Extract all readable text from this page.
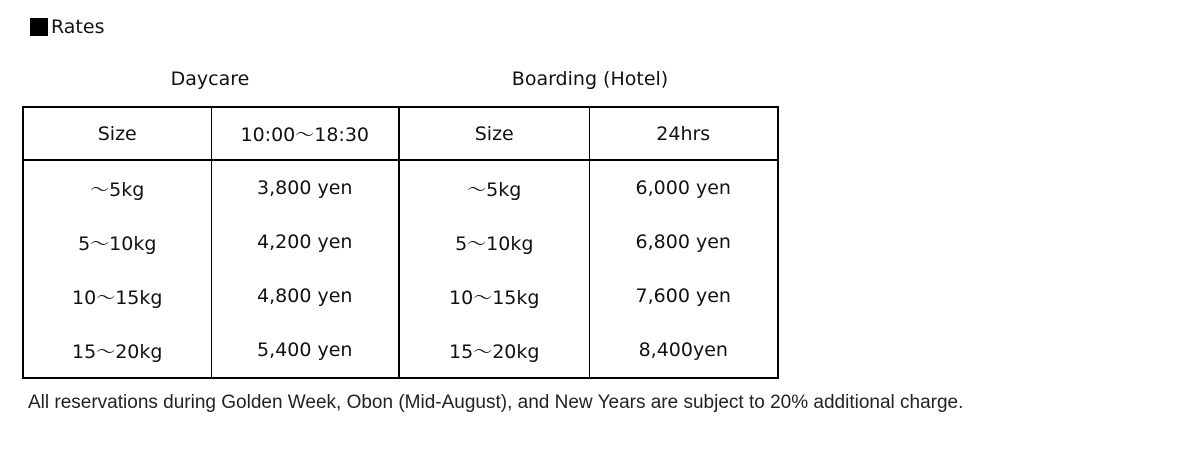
Rates
Daycare	Boarding (Hotel)
Size	10:00～18:30	Size	24hrs
～5kg	3,800 yen	～5kg	6,000 yen
5～10kg	4,200 yen	5～10kg	6,800 yen
10～15kg	4,800 yen	10～15kg	7,600 yen
15～20kg	5,400 yen	15～20kg	8,400yen
All reservations during Golden Week, Obon (Mid-August), and New Years are subject to 20% additional charge.
